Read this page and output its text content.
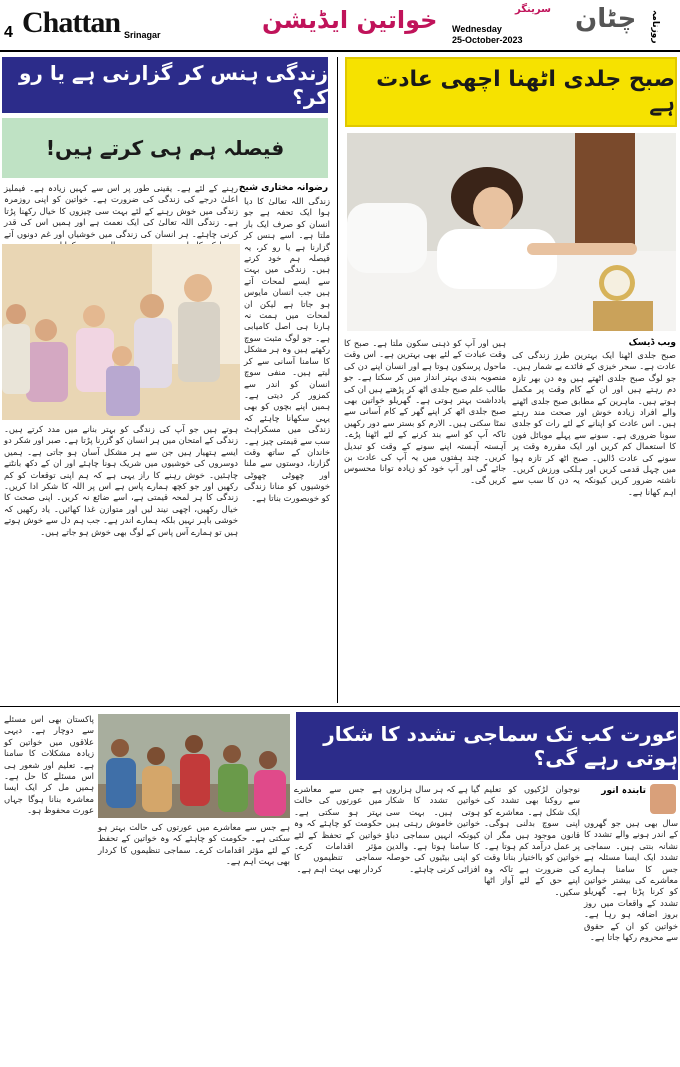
4 Chattan Srinagar
خواتین ایڈیشن	سرینگر
Wednesday
25-October-2023
چٹان روزنامہ
زندگی ہنس کر گزارنی ہے یا رو کر؟
فیصلہ ہم ہی کرتے ہیں!
رضوانہ مختاری شیخ
رہنے کے لئے ہے۔ یقینی طور پر اس سے کہیں زیادہ ہے۔ فیملیز اعلیٰ درجے کی زندگی کی ضرورت ہے۔ خواتین کو اپنی روزمرہ زندگی میں خوش رہنے کے لئے بہت سی چیزوں کا خیال رکھنا پڑتا ہے۔ زندگی اللہ تعالیٰ کی ایک نعمت ہے اور ہمیں اس کی قدر کرنی چاہئے۔ ہر انسان کی زندگی میں خوشیاں اور غم دونوں آتے
زندگی اللہ تعالیٰ کا دیا ہوا ایک تحفہ ہے جو انسان کو صرف ایک بار ملتا ہے۔ اسے ہنس کر گزارنا ہے یا رو کر، یہ فیصلہ ہم خود کرتے ہیں۔ زندگی میں بہت سے ایسے لمحات آتے ہیں جب انسان مایوس ہو جاتا ہے لیکن ان لمحات میں ہمت نہ ہارنا ہی اصل کامیابی ہے۔ جو لوگ مثبت سوچ رکھتے ہیں وہ ہر مشکل کا سامنا آسانی سے کر لیتے ہیں۔ منفی سوچ انسان کو اندر سے کمزور کر دیتی ہے۔ ہمیں اپنے بچوں کو بھی یہی سکھانا چاہئے کہ زندگی میں مسکراہٹ سب سے قیمتی چیز ہے۔ خاندان کے ساتھ وقت گزارنا، دوستوں سے ملنا اور چھوٹی چھوٹی خوشیوں کو منانا زندگی کو خوبصورت بناتا ہے۔
ہوتے ہیں جو آپ کی زندگی کو بہتر بنانے میں مدد کرتے ہیں۔ زندگی کے امتحان میں ہر انسان کو گزرنا پڑتا ہے۔ صبر اور شکر دو ایسے ہتھیار ہیں جن سے ہر مشکل آسان ہو جاتی ہے۔ ہمیں دوسروں کی خوشیوں میں شریک ہونا چاہئے اور ان کے دکھ بانٹنے چاہئیں۔ خوش رہنے کا راز یہی ہے کہ ہم اپنی توقعات کو کم رکھیں اور جو کچھ ہمارے پاس ہے اس پر اللہ کا شکر ادا کریں۔ زندگی کا ہر لمحہ قیمتی ہے، اسے ضائع نہ کریں۔ اپنی صحت کا خیال رکھیں، اچھی نیند لیں اور متوازن غذا کھائیں۔ یاد رکھیں کہ خوشی باہر نہیں بلکہ ہمارے اندر ہے۔ جب ہم دل سے خوش ہوتے ہیں تو ہمارے آس پاس کے لوگ بھی خوش ہو جاتے ہیں۔
صبح جلدی اٹھنا اچھی عادت ہے
ویب ڈیسک
صبح جلدی اٹھنا ایک بہترین طرز زندگی کی عادت ہے۔ سحر خیزی کے فائدے بے شمار ہیں۔ جو لوگ صبح جلدی اٹھتے ہیں وہ دن بھر تازہ دم رہتے ہیں اور ان کے کام وقت پر مکمل ہوتے ہیں۔ ماہرین کے مطابق صبح جلدی اٹھنے والے افراد زیادہ خوش اور صحت مند رہتے ہیں۔ اس عادت کو اپنانے کے لئے رات کو جلدی سونا ضروری ہے۔ سونے سے پہلے موبائل فون کا استعمال کم کریں اور ایک مقررہ وقت پر سونے کی عادت ڈالیں۔ صبح اٹھ کر تازہ ہوا میں چہل قدمی کریں اور ہلکی ورزش کریں۔ ناشتہ ضرور کریں کیونکہ یہ دن کا سب سے اہم کھانا ہے۔
ہیں اور آپ کو ذہنی سکون ملتا ہے۔ صبح کا وقت عبادت کے لئے بھی بہترین ہے۔ اس وقت ماحول پرسکون ہوتا ہے اور انسان اپنے دن کی منصوبہ بندی بہتر انداز میں کر سکتا ہے۔ جو طالب علم صبح جلدی اٹھ کر پڑھتے ہیں ان کی یادداشت بہتر ہوتی ہے۔ گھریلو خواتین بھی صبح جلدی اٹھ کر اپنے گھر کے کام آسانی سے نمٹا سکتی ہیں۔ الارم کو بستر سے دور رکھیں تاکہ آپ کو اسے بند کرنے کے لئے اٹھنا پڑے۔ آہستہ آہستہ اپنے سونے کے وقت کو تبدیل کریں۔ چند ہفتوں میں یہ آپ کی عادت بن جائے گی اور آپ خود کو زیادہ توانا محسوس کریں گی۔
عورت کب تک سماجی تشدد کا شکار ہوتی رہے گی؟
تابندہ انور
سال بھی ہیں جو گھروں کے اندر ہونے والے تشدد کا نشانہ بنتی ہیں۔ سماجی تشدد ایک ایسا مسئلہ ہے جس کا سامنا ہمارے معاشرے کی بیشتر خواتین کو کرنا پڑتا ہے۔ گھریلو تشدد کے واقعات میں روز بروز اضافہ ہو رہا ہے۔ خواتین کو ان کے حقوق سے محروم رکھا جاتا ہے۔
نوجوان لڑکیوں کو تعلیم سے روکنا بھی تشدد کی ایک شکل ہے۔ معاشرے کو اپنی سوچ بدلنی ہوگی۔ قانون موجود ہیں مگر ان پر عمل درآمد کم ہوتا ہے۔ خواتین کو بااختیار بنانا وقت کی ضرورت ہے تاکہ وہ اپنے حق کے لئے آواز اٹھا سکیں۔
گیا ہے کہ ہر سال ہزاروں خواتین تشدد کا شکار ہوتی ہیں۔ بہت سی خواتین خاموش رہتی ہیں کیونکہ انہیں سماجی دباؤ کا سامنا ہوتا ہے۔ والدین کو اپنی بیٹیوں کی حوصلہ افزائی کرنی چاہئے۔
ہے جس سے معاشرے میں عورتوں کی حالت بہتر ہو سکتی ہے۔ حکومت کو چاہئے کہ وہ خواتین کے تحفظ کے لئے مؤثر اقدامات کرے۔ سماجی تنظیموں کا کردار بھی بہت اہم ہے۔
پاکستان بھی اس مسئلے سے دوچار ہے۔ دیہی علاقوں میں خواتین کو زیادہ مشکلات کا سامنا ہے۔ تعلیم اور شعور ہی اس مسئلے کا حل ہے۔ ہمیں مل کر ایک ایسا معاشرہ بنانا ہوگا جہاں عورت محفوظ ہو۔
ہے جس سے معاشرے میں عورتوں کی حالت بہتر ہو سکتی ہے۔ حکومت کو چاہئے کہ وہ خواتین کے تحفظ کے لئے مؤثر اقدامات کرے۔ سماجی تنظیموں کا کردار بھی بہت اہم ہے۔
